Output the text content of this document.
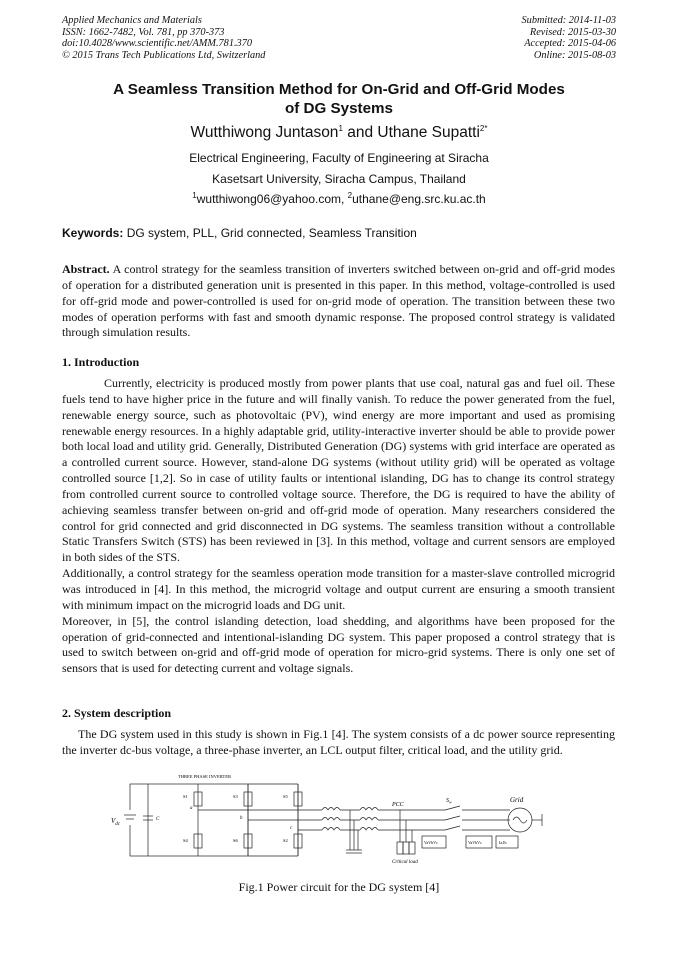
Applied Mechanics and Materials
ISSN: 1662-7482, Vol. 781, pp 370-373
doi:10.4028/www.scientific.net/AMM.781.370
© 2015 Trans Tech Publications Ltd, Switzerland
Submitted: 2014-11-03
Revised: 2015-03-30
Accepted: 2015-04-06
Online: 2015-08-03
A Seamless Transition Method for On-Grid and Off-Grid Modes
of DG Systems
Wutthiwong Juntason$^1$ and Uthane Supatti$^{2*}$
Electrical Engineering, Faculty of Engineering at Siracha
Kasetsart University, Siracha Campus, Thailand
$^1$wutthiwong06@yahoo.com, $^2$uthane@eng.src.ku.ac.th
Keywords: DG system, PLL, Grid connected, Seamless Transition

Abstract. A control strategy for the seamless transition of inverters switched between on-grid and off-grid modes of operation for a distributed generation unit is presented in this paper. In this method, voltage-controlled is used for off-grid mode and power-controlled is used for on-grid mode of operation. The transition between these two modes of operation performs with fast and smooth dynamic response. The proposed control strategy is validated through simulation results.

1. Introduction

Currently, electricity is produced mostly from power plants that use coal, natural gas and fuel oil. These fuels tend to have higher price in the future and will finally vanish. To reduce the power generated from the fuel, renewable energy source, such as photovoltaic (PV), wind energy are more important and used as promising renewable energy resources. In a highly adaptable grid, utility-interactive inverter should be able to provide power both local load and utility grid. Generally, Distributed Generation (DG) systems with grid interface are operated as a controlled current source. However, stand-alone DG systems (without utility grid) will be operated as voltage controlled source [1,2]. So in case of utility faults or intentional islanding, DG has to change its control strategy from controlled current source to controlled voltage source. Therefore, the DG is required to have the ability of achieving seamless transfer between on-grid and off-grid mode of operation. Many researchers considered the control for grid connected and grid disconnected in DG systems. The seamless transition without a controllable Static Transfers Switch (STS) has been reviewed in [3]. In this method, voltage and current sensors are employed in both sides of the STS.

Additionally, a control strategy for the seamless operation mode transition for a master-slave controlled microgrid was introduced in [4]. In this method, the microgrid voltage and output current are ensuring a smooth transient with minimum impact on the microgrid loads and DG unit.

Moreover, in [5], the control islanding detection, load shedding, and algorithms have been proposed for the operation of grid-connected and intentional-islanding DG system. This paper proposed a control strategy that is used to switch between on-grid and off-grid mode of operation for micro-grid systems. There is only one set of sensors that is used for detecting current and voltage signals.

2. System description

The DG system used in this study is shown in Fig.1 [4]. The system consists of a dc power source representing the inverter dc-bus voltage, a three-phase inverter, an LCL output filter, critical load, and the utility grid.

THREE PHASE INVERTER
$V_{dc}$
C
S1	S3	S5
S4	S6	S2
a
b
c
PCC
$S_w$	Grid
Critical load
VaVbVc	VaVbVc	Ia,Ib
Fig.1 Power circuit for the DG system [4]
